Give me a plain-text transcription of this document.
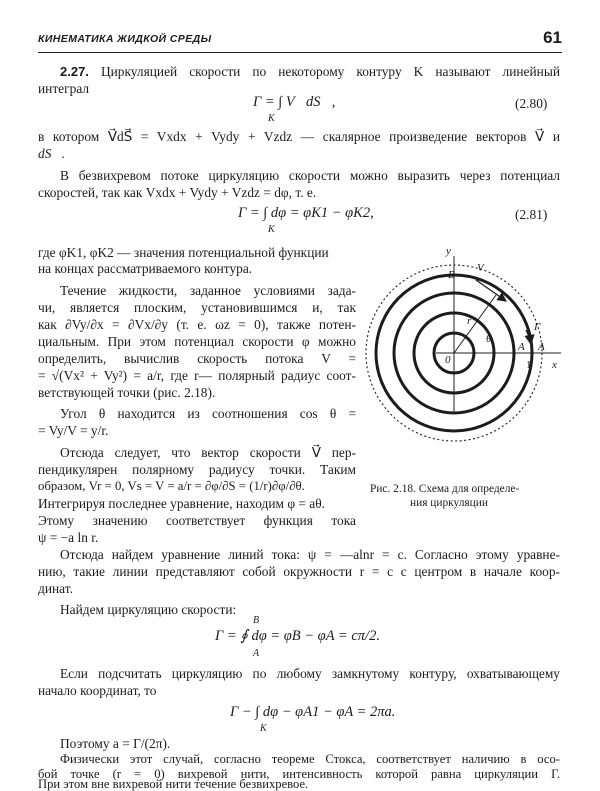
КИНЕМАТИКА ЖИДКОЙ СРЕДЫ	61
2.27. Циркуляцией скорости по некоторому контуру K называют линейный
интеграл
Γ = ∫ V⃗dS⃗,
K
(2.80)
в котором V⃗dS⃗ = Vxdx + Vydy + Vzdz — скалярное произведение векторов V⃗ и
dS⃗.
В безвихревом потоке циркуляцию скорости можно выразить через потенциал
скоростей, так как Vxdx + Vydy + Vzdz = dφ, т. е.
Γ = ∫ dφ = φK1 − φK2,
K
(2.81)
где φK1, φK2 — значения потенциальной функции
на концах рассматриваемого контура.
Течение жидкости, заданное условиями зада-
чи, является плоским, установившимся и, так
как ∂Vy/∂x = ∂Vx/∂y (т. е. ωz = 0), также потен-
циальным. При этом потенциал скорости φ можно
определить, вычислив скорость потока V =
= √(Vx² + Vy²) = a/r, где r— полярный радиус соот-
ветствующей точки (рис. 2.18).
Угол θ находится из соотношения cos θ =
= Vy/V = y/r.
Отсюда следует, что вектор скорости V⃗ пер-
пендикулярен полярному радиусу точки. Таким
образом, Vr = 0, Vs = V = a/r = ∂φ/∂S = (1/r)∂φ/∂θ.
Интегрируя последнее уравнение, находим φ = aθ.
Этому значению соответствует функция тока
ψ = −a ln r.
y
x
0
A A
1
B
V
r
θ
Γ
Рис. 2.18. Схема для определе-
ния циркуляции
Отсюда найдем уравнение линий тока: ψ = —alnr = c. Согласно этому уравне-
нию, такие линии представляют собой окружности r = c с центром в начале коор-
динат.
Найдем циркуляцию скорости:
B
Γ = ∮ dφ = φB − φA = cπ/2.
A
Если подсчитать циркуляцию по любому замкнутому контуру, охватывающему
начало координат, то
Γ − ∫ dφ − φA1 − φA = 2πa.
K
Поэтому a = Γ/(2π).
Физически этот случай, согласно теореме Стокса, соответствует наличию в осо-
бой точке (r = 0) вихревой нити, интенсивность которой равна циркуляции Γ.
При этом вне вихревой нити течение безвихревое.
